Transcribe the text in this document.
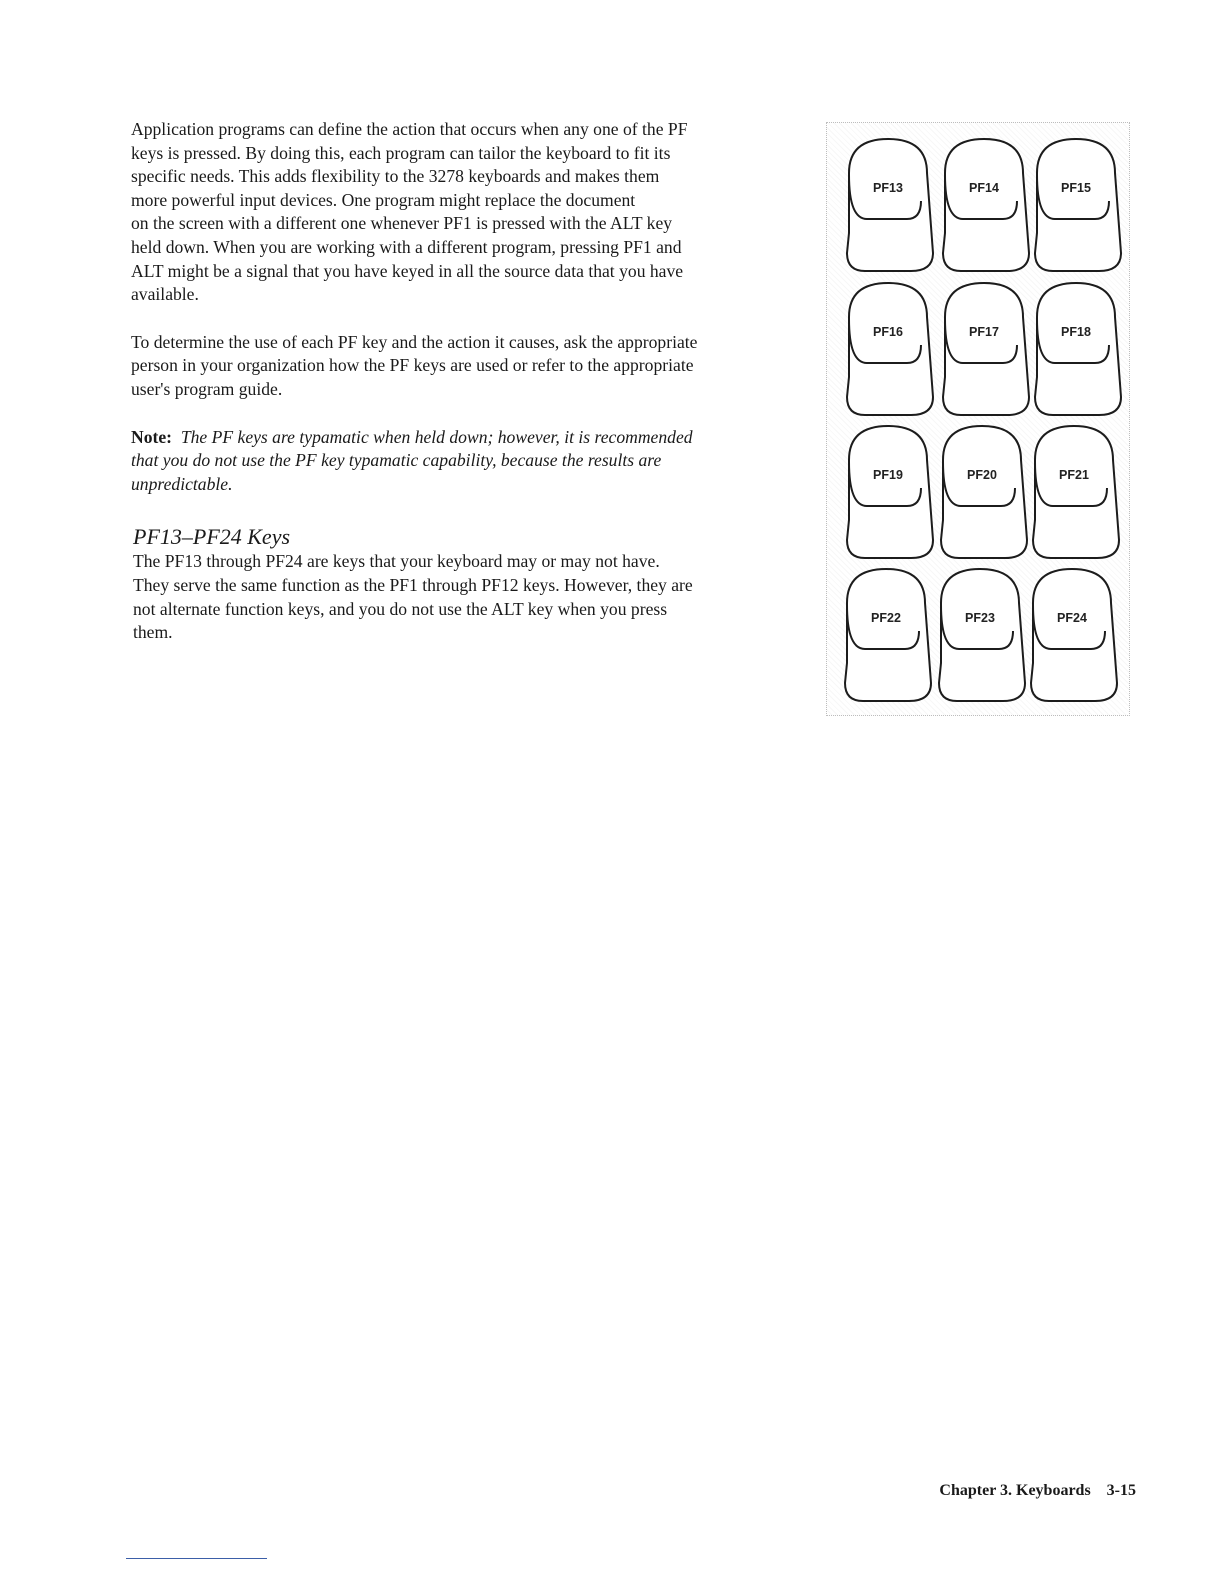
Application programs can define the action that occurs when any one of the PF
keys is pressed. By doing this, each program can tailor the keyboard to fit its
specific needs. This adds flexibility to the 3278 keyboards and makes them
more powerful input devices. One program might replace the document
on the screen with a different one whenever PF1 is pressed with the ALT key
held down. When you are working with a different program, pressing PF1 and
ALT might be a signal that you have keyed in all the source data that you have
available.

To determine the use of each PF key and the action it causes, ask the appropriate
person in your organization how the PF keys are used or refer to the appropriate
user's program guide.

Note: The PF keys are typamatic when held down; however, it is recommended
that you do not use the PF key typamatic capability, because the results are
unpredictable.

PF13–PF24 Keys

The PF13 through PF24 are keys that your keyboard may or may not have.
They serve the same function as the PF1 through PF12 keys. However, they are
not alternate function keys, and you do not use the ALT key when you press
them.

PF13	PF14	PF15
PF16	PF17	PF18
PF19	PF20	PF21
PF22	PF23	PF24
Chapter 3. Keyboards 3-15
